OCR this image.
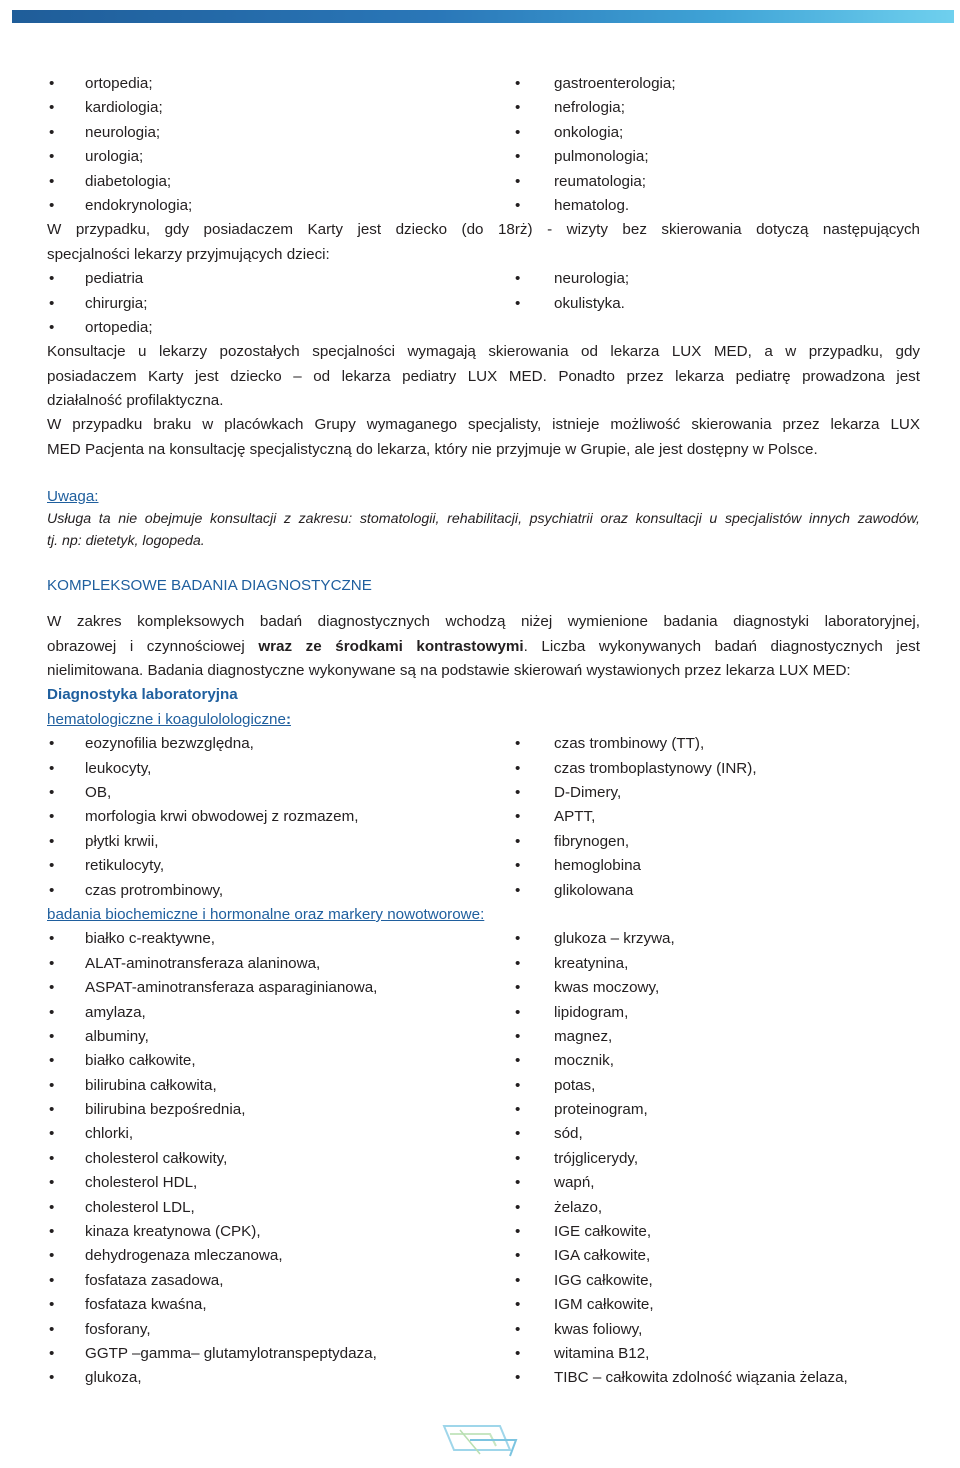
•
ortopedia; •	gastroenterologia;
•
kardiologia; •	nefrologia;
•
neurologia; •	onkologia;
•
urologia; •	pulmonologia;
•
diabetologia; •	reumatologia;
•
endokrynologia; •	hematolog.
W przypadku, gdy posiadaczem Karty jest dziecko (do 18rż) - wizyty bez skierowania dotyczą następujących
specjalności lekarzy przyjmujących dzieci:
•
pediatria •	neurologia;
•
chirurgia; •	okulistyka.
•
ortopedia;
Konsultacje u lekarzy pozostałych specjalności wymagają skierowania od lekarza LUX MED, a w przypadku, gdy
posiadaczem Karty jest dziecko – od lekarza pediatry LUX MED. Ponadto przez lekarza pediatrę prowadzona jest
działalność profilaktyczna.
W przypadku braku w placówkach Grupy wymaganego specjalisty, istnieje możliwość skierowania przez lekarza LUX
MED Pacjenta na konsultację specjalistyczną do lekarza, który nie przyjmuje w Grupie, ale jest dostępny w Polsce.
Uwaga:
Usługa ta nie obejmuje konsultacji z zakresu: stomatologii, rehabilitacji, psychiatrii oraz konsultacji u specjalistów innych zawodów,
tj. np: dietetyk, logopeda.
KOMPLEKSOWE BADANIA DIAGNOSTYCZNE
W zakres kompleksowych badań diagnostycznych wchodzą niżej wymienione badania diagnostyki laboratoryjnej,
obrazowej i czynnościowej wraz ze środkami kontrastowymi. Liczba wykonywanych badań diagnostycznych jest
nielimitowana. Badania diagnostyczne wykonywane są na podstawie skierowań wystawionych przez lekarza LUX MED:
Diagnostyka laboratoryjna
hematologiczne i koagulolologiczne:
•
eozynofilia bezwzględna, •	czas trombinowy (TT),
•
leukocyty, •	czas tromboplastynowy (INR),
•
OB, •	D-Dimery,
•
morfologia krwi obwodowej z rozmazem, •	APTT,
•
płytki krwii, •	fibrynogen,
•
retikulocyty, •	hemoglobina
•
czas protrombinowy, •	glikolowana
badania biochemiczne i hormonalne oraz markery nowotworowe:
•
białko c-reaktywne, •	glukoza – krzywa,
•
ALAT-aminotransferaza alaninowa, •	kreatynina,
•
ASPAT-aminotransferaza asparaginianowa, •	kwas moczowy,
•
amylaza, •	lipidogram,
•
albuminy, •	magnez,
•
białko całkowite, •	mocznik,
•
bilirubina całkowita, •	potas,
•
bilirubina bezpośrednia, •	proteinogram,
•
chlorki, •	sód,
•
cholesterol całkowity, •	trójglicerydy,
•
cholesterol HDL, •	wapń,
•
cholesterol LDL, •	żelazo,
•
kinaza kreatynowa (CPK), •	IGE całkowite,
•
dehydrogenaza mleczanowa, •	IGA całkowite,
•
fosfataza zasadowa, •	IGG całkowite,
•
fosfataza kwaśna, •	IGM całkowite,
•
fosforany, •	kwas foliowy,
•
GGTP –gamma– glutamylotranspeptydaza, •	witamina B12,
•
glukoza, •	TIBC – całkowita zdolność wiązania żelaza,
